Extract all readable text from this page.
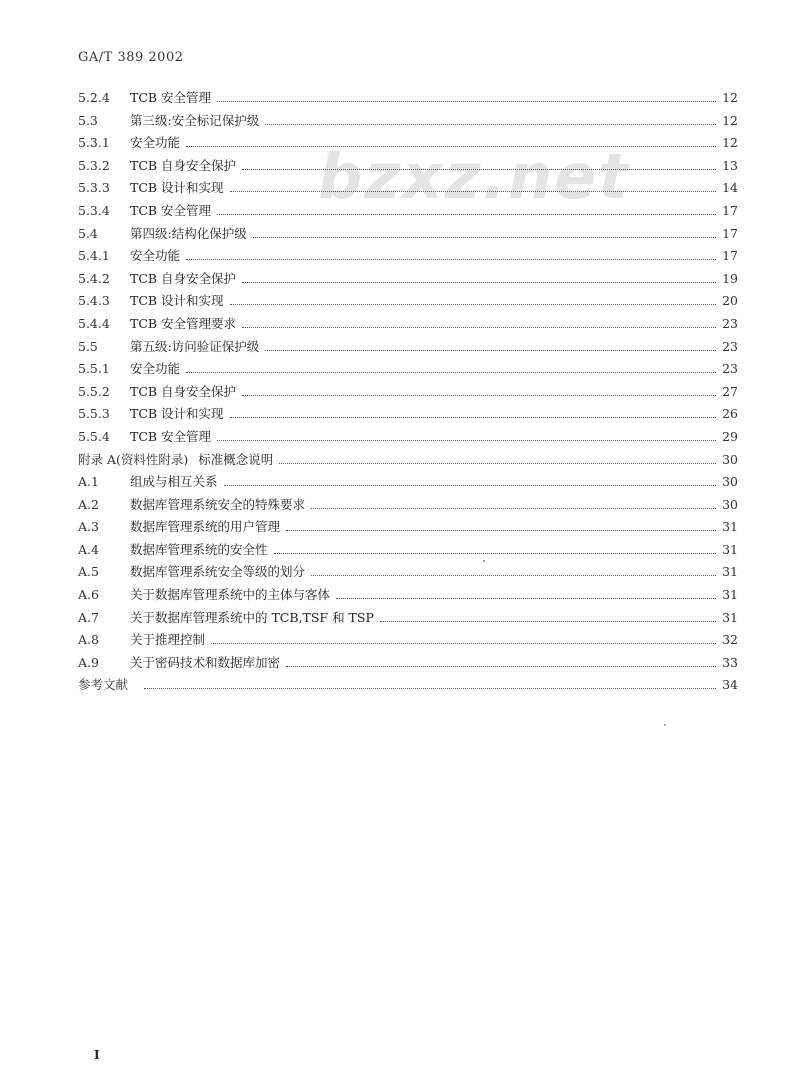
GA/T 389 2002
bzxz.net
5.2.4	TCB 安全管理	12
5.3	第三级:安全标记保护级	12
5.3.1	安全功能	12
5.3.2	TCB 自身安全保护	13
5.3.3	TCB 设计和实现	14
5.3.4	TCB 安全管理	17
5.4	第四级:结构化保护级	17
5.4.1	安全功能	17
5.4.2	TCB 自身安全保护	19
5.4.3	TCB 设计和实现	20
5.4.4	TCB 安全管理要求	23
5.5	第五级:访问验证保护级	23
5.5.1	安全功能	23
5.5.2	TCB 自身安全保护	27
5.5.3	TCB 设计和实现	26
5.5.4	TCB 安全管理	29
附录 A(资料性附录) 标准概念说明	30
A.1	组成与相互关系	30
A.2	数据库管理系统安全的特殊要求	30
A.3	数据库管理系统的用户管理	31
A.4	数据库管理系统的安全性	31
A.5	数据库管理系统安全等级的划分	31
A.6	关于数据库管理系统中的主体与客体	31
A.7	关于数据库管理系统中的 TCB,TSF 和 TSP	31
A.8	关于推理控制	32
A.9	关于密码技术和数据库加密	33
参考文献	34
I
